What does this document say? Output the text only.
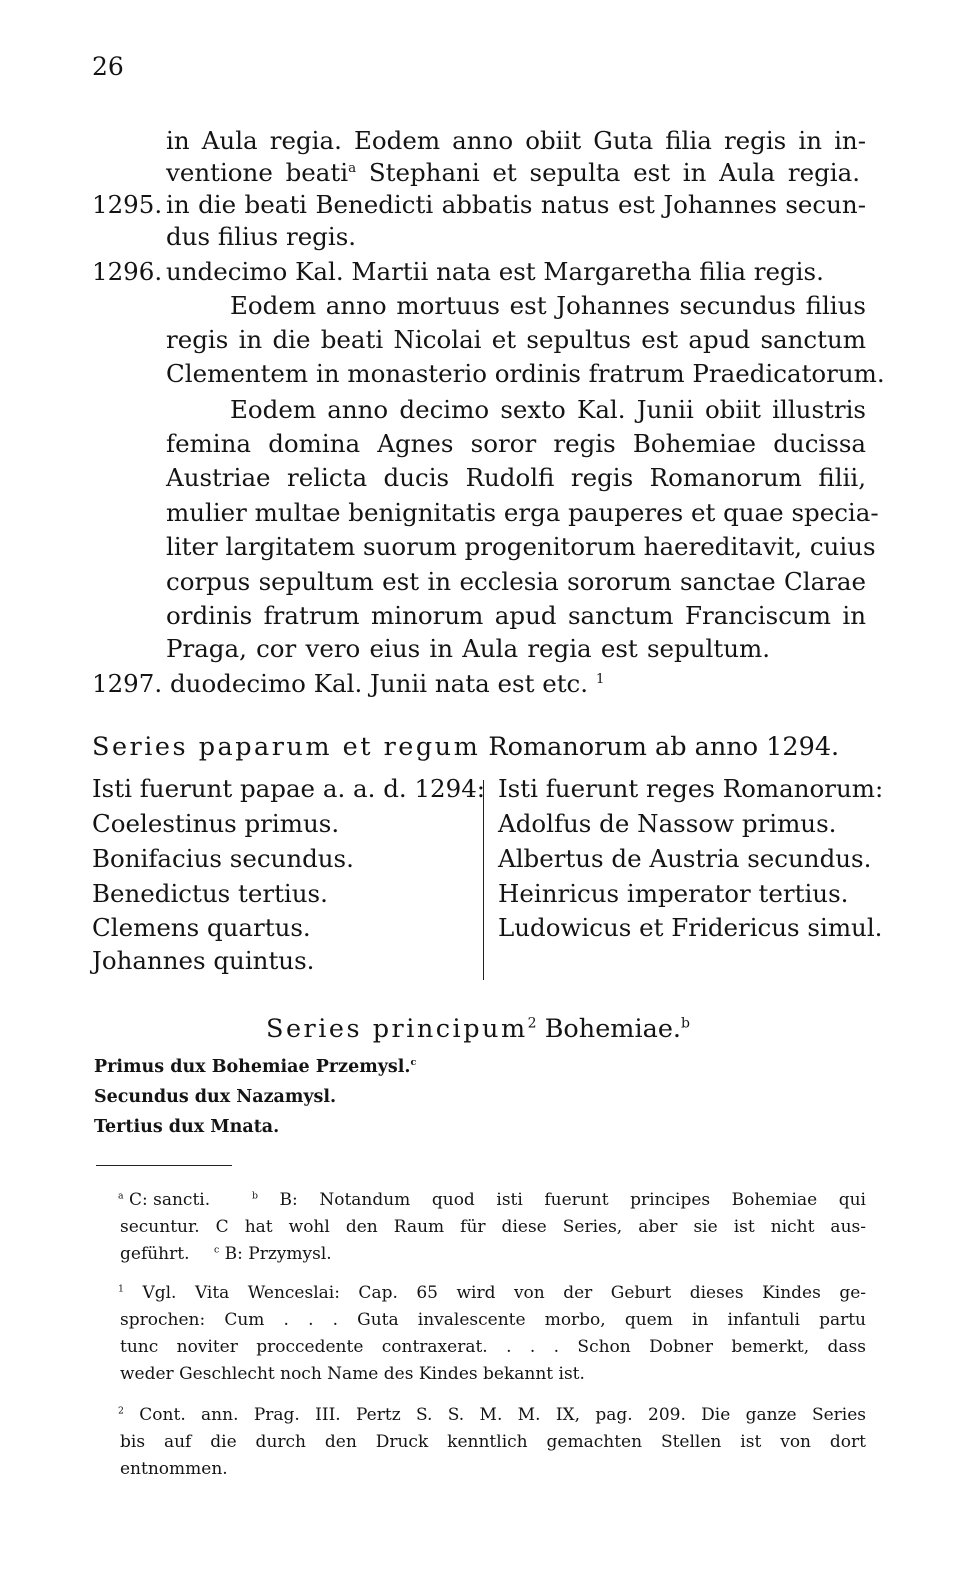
26
in Aula regia. Eodem anno obiit Guta filia regis in in-
ventione beati$^a$ Stephani et sepulta est in Aula regia.
1295. in die beati Benedicti abbatis natus est Johannes secun-
dus filius regis.
1296. undecimo Kal. Martii nata est Margaretha filia regis.
Eodem anno mortuus est Johannes secundus filius
regis in die beati Nicolai et sepultus est apud sanctum
Clementem in monasterio ordinis fratrum Praedicatorum.
Eodem anno decimo sexto Kal. Junii obiit illustris
femina domina Agnes soror regis Bohemiae ducissa
Austriae relicta ducis Rudolfi regis Romanorum filii,
mulier multae benignitatis erga pauperes et quae specia-
liter largitatem suorum progenitorum haereditavit, cuius
corpus sepultum est in ecclesia sororum sanctae Clarae
ordinis fratrum minorum apud sanctum Franciscum in
Praga, cor vero eius in Aula regia est sepultum.
1297. duodecimo Kal. Junii nata est etc. $^1$
Series paparum et regum Romanorum ab anno 1294.
Isti fuerunt papae a. a. d. 1294:
Coelestinus primus.
Bonifacius secundus.
Benedictus tertius.
Clemens quartus.
Johannes quintus.
Isti fuerunt reges Romanorum:
Adolfus de Nassow primus.
Albertus de Austria secundus.
Heinricus imperator tertius.
Ludowicus et Fridericus simul.
Series principum$^2$ Bohemiae.$^b$
Primus dux Bohemiae Przemysl.$^c$
Secundus dux Nazamysl.
Tertius dux Mnata.
$^a$ C: sancti.	$^b$ B: Notandum quod isti fuerunt principes Bohemiae qui
secuntur. C hat wohl den Raum für diese Series, aber sie ist nicht aus-
geführt.	$^c$ B: Przymysl.
$^1$ Vgl. Vita Wenceslai: Cap. 65 wird von der Geburt dieses Kindes ge-
sprochen: Cum . . . Guta invalescente morbo, quem in infantuli partu
tunc noviter proccedente contraxerat. . . . Schon Dobner bemerkt, dass
weder Geschlecht noch Name des Kindes bekannt ist.
$^2$ Cont. ann. Prag. III. Pertz S. S. M. M. IX, pag. 209. Die ganze Series
bis auf die durch den Druck kenntlich gemachten Stellen ist von dort
entnommen.
